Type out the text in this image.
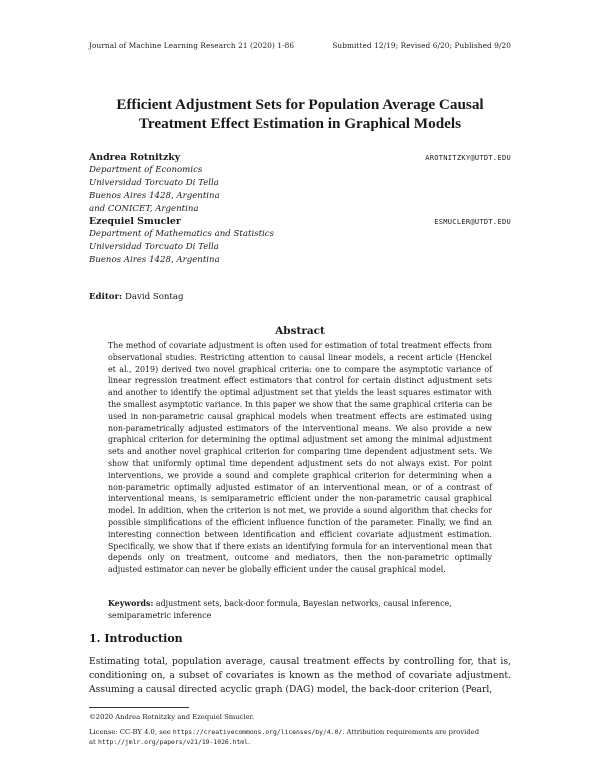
Journal of Machine Learning Research 21 (2020) 1-86	Submitted 12/19; Revised 6/20; Published 9/20
Efficient Adjustment Sets for Population Average Causal
Treatment Effect Estimation in Graphical Models
Andrea Rotnitzky	AROTNITZKY@UTDT.EDU
Department of Economics
Universidad Torcuato Di Tella
Buenos Aires 1428, Argentina
and CONICET, Argentina
Ezequiel Smucler	ESMUCLER@UTDT.EDU
Department of Mathematics and Statistics
Universidad Torcuato Di Tella
Buenos Aires 1428, Argentina
Editor: David Sontag
Abstract
The method of covariate adjustment is often used for estimation of total treatment effects from observational studies. Restricting attention to causal linear models, a recent article (Henckel et al., 2019) derived two novel graphical criteria: one to compare the asymptotic variance of linear regression treatment effect estimators that control for certain distinct adjustment sets and another to identify the optimal adjustment set that yields the least squares estimator with the smallest asymptotic variance. In this paper we show that the same graphical criteria can be used in non-parametric causal graphical models when treatment effects are estimated using non-parametrically adjusted estimators of the interventional means. We also provide a new graphical criterion for determining the optimal adjustment set among the minimal adjustment sets and another novel graphical criterion for comparing time dependent adjustment sets. We show that uniformly optimal time dependent adjustment sets do not always exist. For point interventions, we provide a sound and complete graphical criterion for determining when a non-parametric optimally adjusted estimator of an interventional mean, or of a contrast of interventional means, is semiparametric efficient under the non-parametric causal graphical model. In addition, when the criterion is not met, we provide a sound algorithm that checks for possible simplifications of the efficient influence function of the parameter. Finally, we find an interesting connection between identification and efficient covariate adjustment estimation. Specifically, we show that if there exists an identifying formula for an interventional mean that depends only on treatment, outcome and mediators, then the non-parametric optimally adjusted estimator can never be globally efficient under the causal graphical model.
Keywords: adjustment sets, back-door formula, Bayesian networks, causal inference, semiparametric inference
1. Introduction
Estimating total, population average, causal treatment effects by controlling for, that is, conditioning on, a subset of covariates is known as the method of covariate adjustment. Assuming a causal directed acyclic graph (DAG) model, the back-door criterion (Pearl,
©2020 Andrea Rotnitzky and Ezequiel Smucler.
License: CC-BY 4.0, see https://creativecommons.org/licenses/by/4.0/. Attribution requirements are provided
at http://jmlr.org/papers/v21/19-1026.html.
